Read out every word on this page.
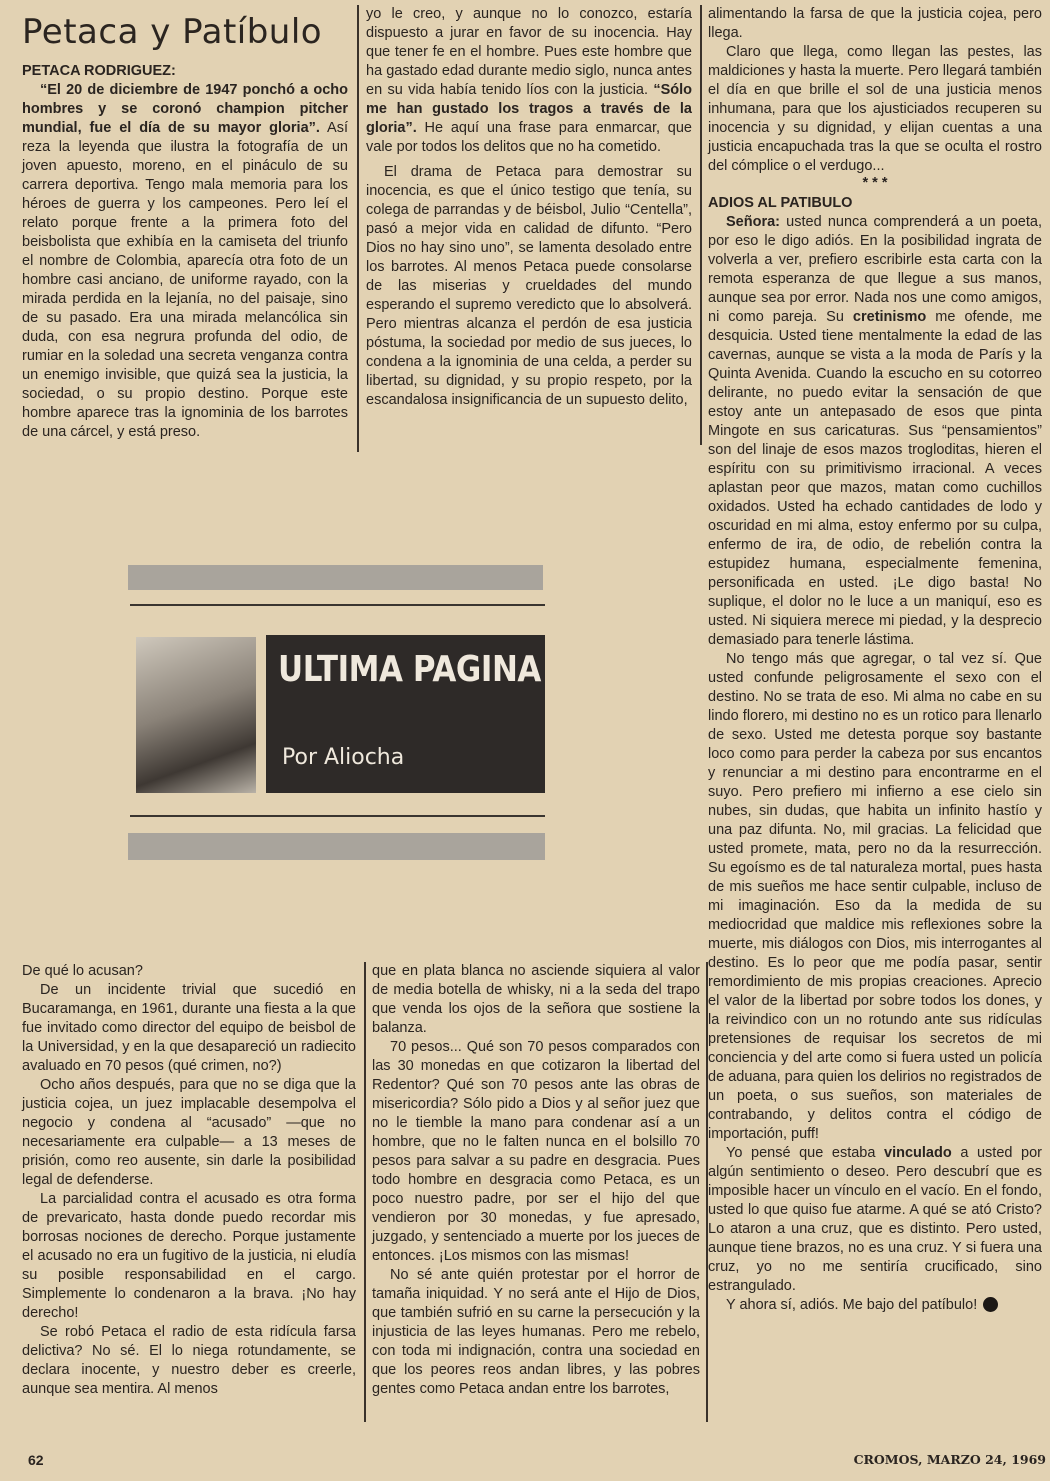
Petaca y Patíbulo

PETACA RODRIGUEZ:

“El 20 de diciembre de 1947 ponchó a ocho hombres y se coronó champion pitcher mundial, fue el día de su mayor gloria”. Así reza la leyenda que ilustra la fotografía de un joven apuesto, moreno, en el pináculo de su carrera deportiva. Tengo mala memoria para los héroes de guerra y los campeones. Pero leí el relato porque frente a la primera foto del beisbolista que exhibía en la camiseta del triunfo el nombre de Colombia, aparecía otra foto de un hombre casi anciano, de uniforme rayado, con la mirada perdida en la lejanía, no del paisaje, sino de su pasado. Era una mirada melancólica sin duda, con esa negrura profunda del odio, de rumiar en la soledad una secreta venganza contra un enemigo invisible, que quizá sea la justicia, la sociedad, o su propio destino. Porque este hombre aparece tras la ignominia de los barrotes de una cárcel, y está preso.

yo le creo, y aunque no lo conozco, estaría dispuesto a jurar en favor de su inocencia. Hay que tener fe en el hombre. Pues este hombre que ha gastado edad durante medio siglo, nunca antes en su vida había tenido líos con la justicia. “Sólo me han gustado los tragos a través de la gloria”. He aquí una frase para enmarcar, que vale por todos los delitos que no ha cometido.

El drama de Petaca para demostrar su inocencia, es que el único testigo que tenía, su colega de parrandas y de béisbol, Julio “Centella”, pasó a mejor vida en calidad de difunto. “Pero Dios no hay sino uno”, se lamenta desolado entre los barrotes. Al menos Petaca puede consolarse de las miserias y crueldades del mundo esperando el supremo veredicto que lo absolverá. Pero mientras alcanza el perdón de esa justicia póstuma, la sociedad por medio de sus jueces, lo condena a la ignominia de una celda, a perder su libertad, su dignidad, y su propio respeto, por la escandalosa insignificancia de un supuesto delito,

alimentando la farsa de que la justicia cojea, pero llega.

Claro que llega, como llegan las pestes, las maldiciones y hasta la muerte. Pero llegará también el día en que brille el sol de una justicia menos inhumana, para que los ajusticiados recuperen su inocencia y su dignidad, y elijan cuentas a una justicia encapuchada tras la que se oculta el rostro del cómplice o el verdugo...

* * *

ADIOS AL PATIBULO

Señora: usted nunca comprenderá a un poeta, por eso le digo adiós. En la posibilidad ingrata de volverla a ver, prefiero escribirle esta carta con la remota esperanza de que llegue a sus manos, aunque sea por error. Nada nos une como amigos, ni como pareja. Su cretinismo me ofende, me desquicia. Usted tiene mentalmente la edad de las cavernas, aunque se vista a la moda de París y la Quinta Avenida. Cuando la escucho en su cotorreo delirante, no puedo evitar la sensación de que estoy ante un antepasado de esos que pinta Mingote en sus caricaturas. Sus “pensamientos” son del linaje de esos mazos trogloditas, hieren el espíritu con su primitivismo irracional. A veces aplastan peor que mazos, matan como cuchillos oxidados. Usted ha echado cantidades de lodo y oscuridad en mi alma, estoy enfermo por su culpa, enfermo de ira, de odio, de rebelión contra la estupidez humana, especialmente femenina, personificada en usted. ¡Le digo basta! No suplique, el dolor no le luce a un maniquí, eso es usted. Ni siquiera merece mi piedad, y la desprecio demasiado para tenerle lástima.

No tengo más que agregar, o tal vez sí. Que usted confunde peligrosamente el sexo con el destino. No se trata de eso. Mi alma no cabe en su lindo florero, mi destino no es un rotico para llenarlo de sexo. Usted me detesta porque soy bastante loco como para perder la cabeza por sus encantos y renunciar a mi destino para encontrarme en el suyo. Pero prefiero mi infierno a ese cielo sin nubes, sin dudas, que habita un infinito hastío y una paz difunta. No, mil gracias. La felicidad que usted promete, mata, pero no da la resurrección. Su egoísmo es de tal naturaleza mortal, pues hasta de mis sueños me hace sentir culpable, incluso de mi imaginación. Eso da la medida de su mediocridad que maldice mis reflexiones sobre la muerte, mis diálogos con Dios, mis interrogantes al destino. Es lo peor que me podía pasar, sentir remordimiento de mis propias creaciones. Aprecio el valor de la libertad por sobre todos los dones, y la reivindico con un no rotundo ante sus ridículas pretensiones de requisar los secretos de mi conciencia y del arte como si fuera usted un policía de aduana, para quien los delirios no registrados de un poeta, o sus sueños, son materiales de contrabando, y delitos contra el código de importación, puff!

Yo pensé que estaba vinculado a usted por algún sentimiento o deseo. Pero descubrí que es imposible hacer un vínculo en el vacío. En el fondo, usted lo que quiso fue atarme. A qué se ató Cristo? Lo ataron a una cruz, que es distinto. Pero usted, aunque tiene brazos, no es una cruz. Y si fuera una cruz, yo no me sentiría crucificado, sino estrangulado.

Y ahora sí, adiós. Me bajo del patíbulo!

ULTIMA PAGINA
Por Aliocha

De qué lo acusan?

De un incidente trivial que sucedió en Bucaramanga, en 1961, durante una fiesta a la que fue invitado como director del equipo de beisbol de la Universidad, y en la que desapareció un radiecito avaluado en 70 pesos (qué crimen, no?)

Ocho años después, para que no se diga que la justicia cojea, un juez implacable desempolva el negocio y condena al “acusado” —que no necesariamente era culpable— a 13 meses de prisión, como reo ausente, sin darle la posibilidad legal de defenderse.

La parcialidad contra el acusado es otra forma de prevaricato, hasta donde puedo recordar mis borrosas nociones de derecho. Porque justamente el acusado no era un fugitivo de la justicia, ni eludía su posible responsabilidad en el cargo. Simplemente lo condenaron a la brava. ¡No hay derecho!

Se robó Petaca el radio de esta ridícula farsa delictiva? No sé. El lo niega rotundamente, se declara inocente, y nuestro deber es creerle, aunque sea mentira. Al menos

que en plata blanca no asciende siquiera al valor de media botella de whisky, ni a la seda del trapo que venda los ojos de la señora que sostiene la balanza.

70 pesos... Qué son 70 pesos comparados con las 30 monedas en que cotizaron la libertad del Redentor? Qué son 70 pesos ante las obras de misericordia? Sólo pido a Dios y al señor juez que no le tiemble la mano para condenar así a un hombre, que no le falten nunca en el bolsillo 70 pesos para salvar a su padre en desgracia. Pues todo hombre en desgracia como Petaca, es un poco nuestro padre, por ser el hijo del que vendieron por 30 monedas, y fue apresado, juzgado, y sentenciado a muerte por los jueces de entonces. ¡Los mismos con las mismas!

No sé ante quién protestar por el horror de tamaña iniquidad. Y no será ante el Hijo de Dios, que también sufrió en su carne la persecución y la injusticia de las leyes humanas. Pero me rebelo, con toda mi indignación, contra una sociedad en que los peores reos andan libres, y las pobres gentes como Petaca andan entre los barrotes,

62	CROMOS, MARZO 24, 1969
